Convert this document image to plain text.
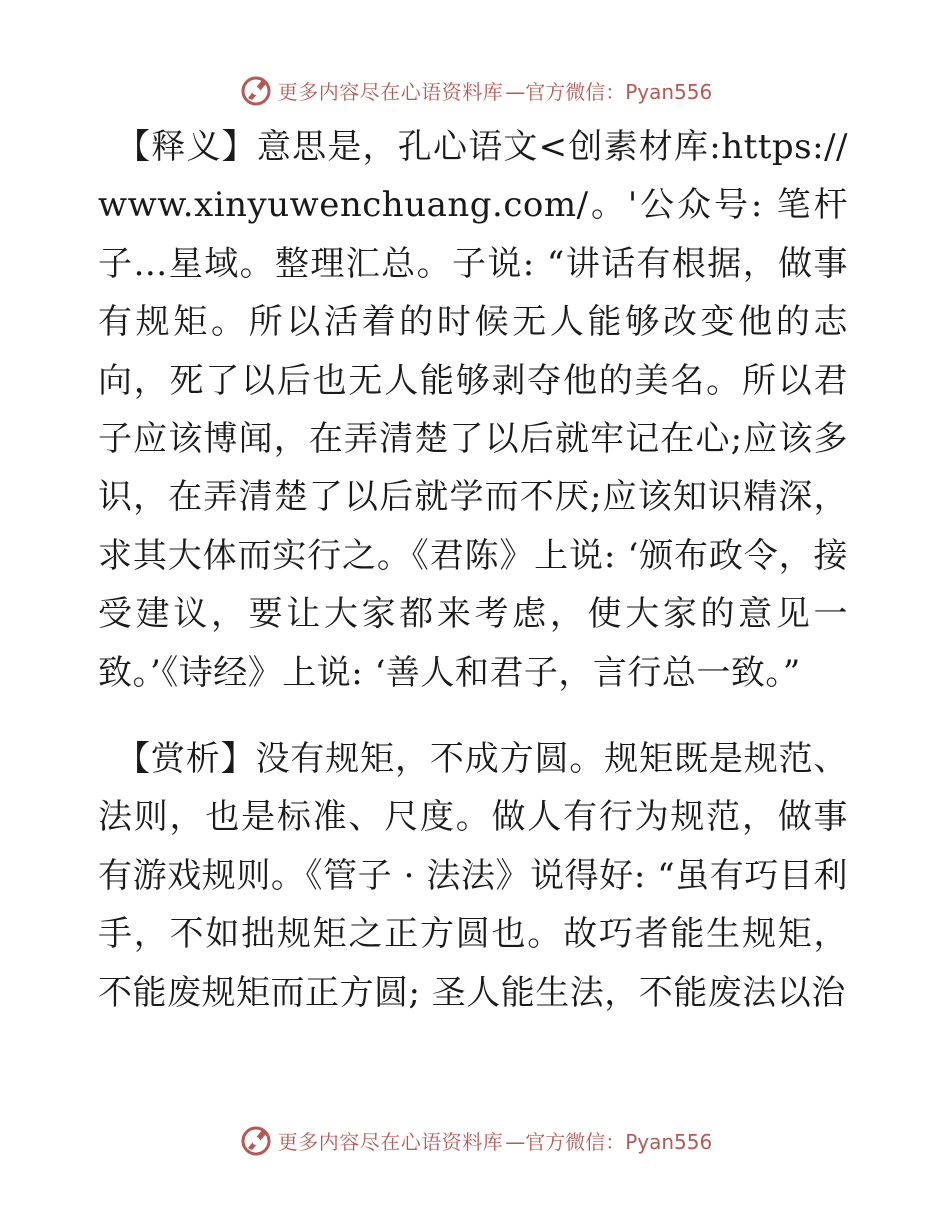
更多内容尽在心语资料库 —官方微信：Pyan556

【释义】意思是，孔心语文<创素材库:https://www.xinyuwenchuang.com/。'公众号: 笔杆子…星域。整理汇总。子说: “讲话有根据，做事有规矩。所以活着的时候无人能够改变他的志向，死了以后也无人能够剥夺他的美名。所以君子应该博闻，在弄清楚了以后就牢记在心;应该多识，在弄清楚了以后就学而不厌;应该知识精深，求其大体而实行之。《君陈》上说: ‘颁布政令，接受建议，要让大家都来考虑，使大家的意见一致。’《诗经》上说: ‘善人和君子，言行总一致。”

【赏析】没有规矩，不成方圆。规矩既是规范、法则，也是标准、尺度。做人有行为规范，做事有游戏规则。《管子 · 法法》说得好: “虽有巧目利手，不如拙规矩之正方圆也。故巧者能生规矩，不能废规矩而正方圆; 圣人能生法，不能废法以治

更多内容尽在心语资料库 —官方微信：Pyan556
